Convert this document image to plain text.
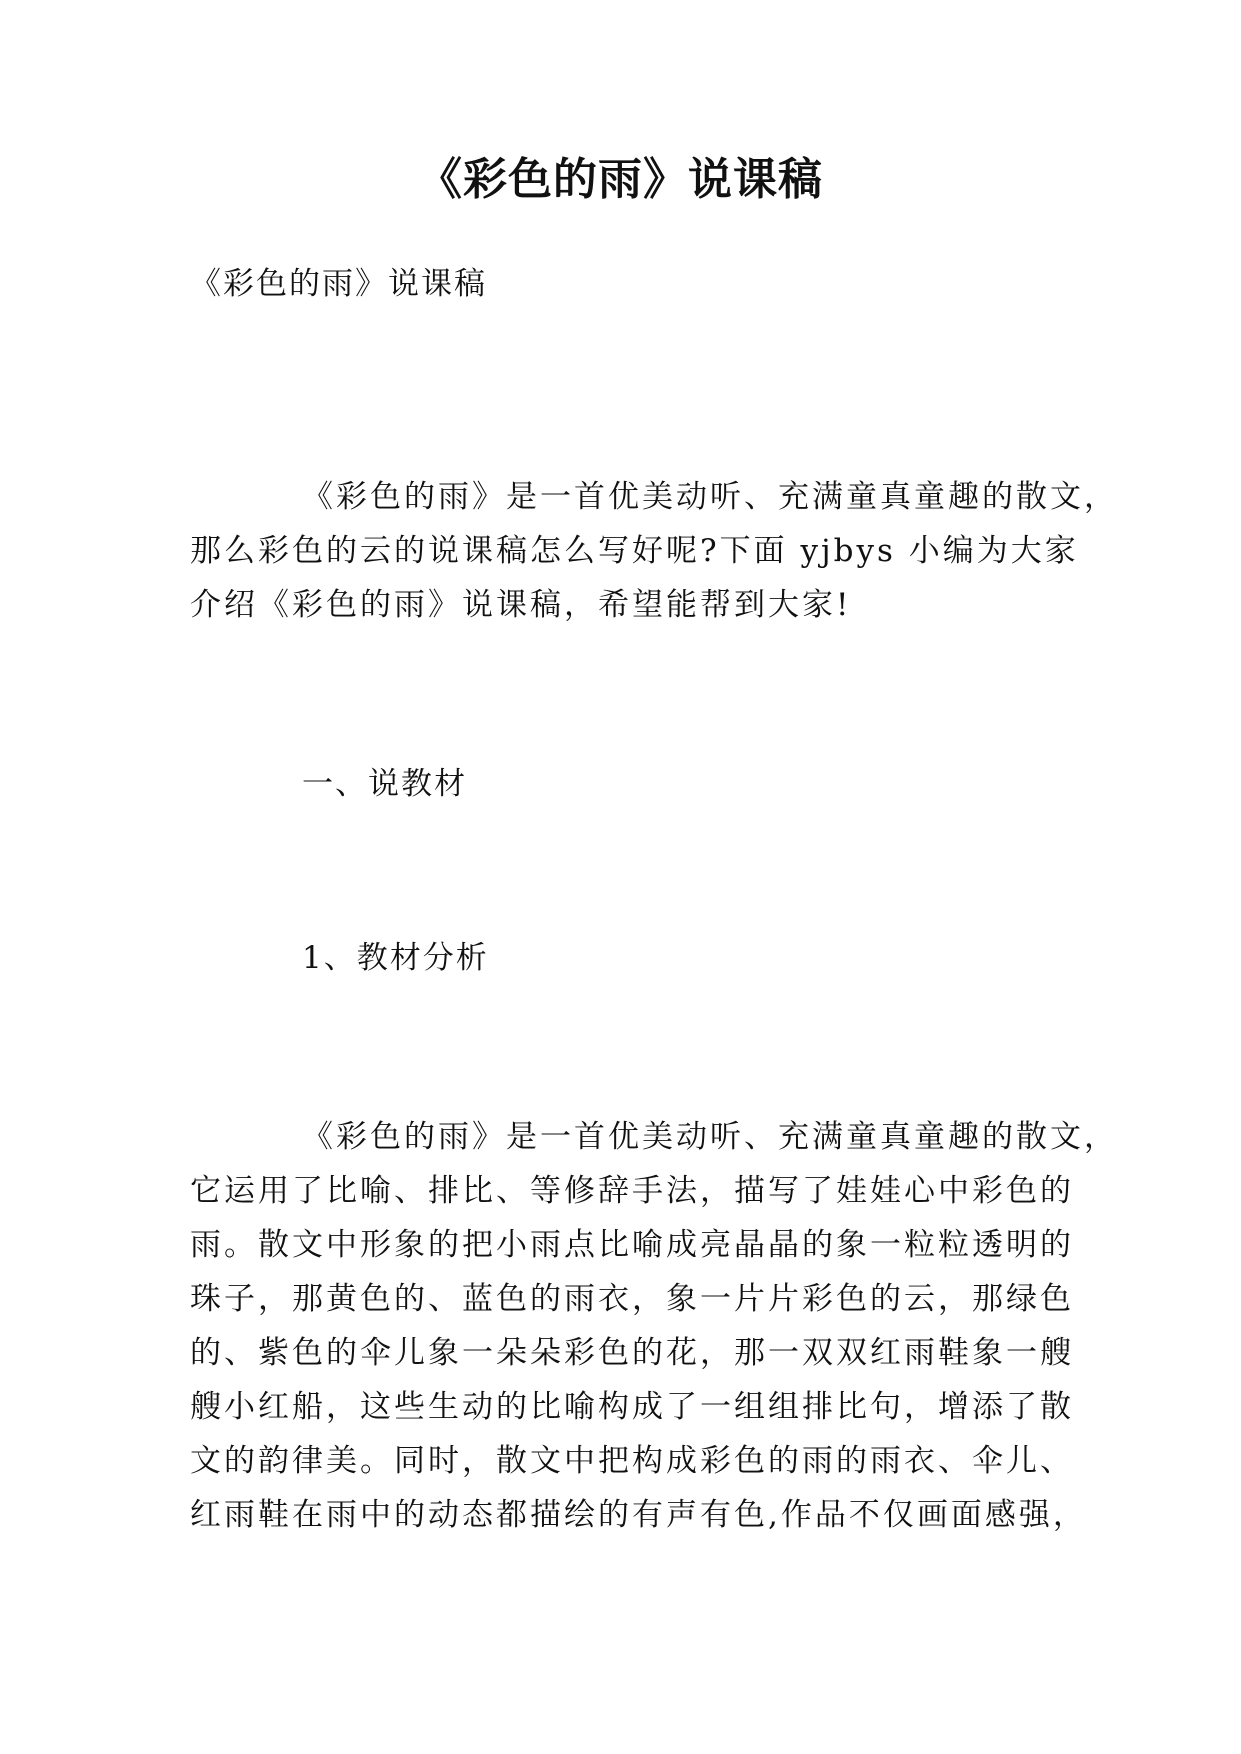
《彩色的雨》说课稿

《彩色的雨》说课稿

《彩色的雨》是一首优美动听、充满童真童趣的散文，
那么彩色的云的说课稿怎么写好呢?下面 yjbys 小编为大家
介绍《彩色的雨》说课稿，希望能帮到大家!

一、说教材

1、教材分析

《彩色的雨》是一首优美动听、充满童真童趣的散文，
它运用了比喻、排比、等修辞手法，描写了娃娃心中彩色的
雨。散文中形象的把小雨点比喻成亮晶晶的象一粒粒透明的
珠子，那黄色的、蓝色的雨衣，象一片片彩色的云，那绿色
的、紫色的伞儿象一朵朵彩色的花，那一双双红雨鞋象一艘
艘小红船，这些生动的比喻构成了一组组排比句，增添了散
文的韵律美。同时，散文中把构成彩色的雨的雨衣、伞儿、
红雨鞋在雨中的动态都描绘的有声有色,作品不仅画面感强，
